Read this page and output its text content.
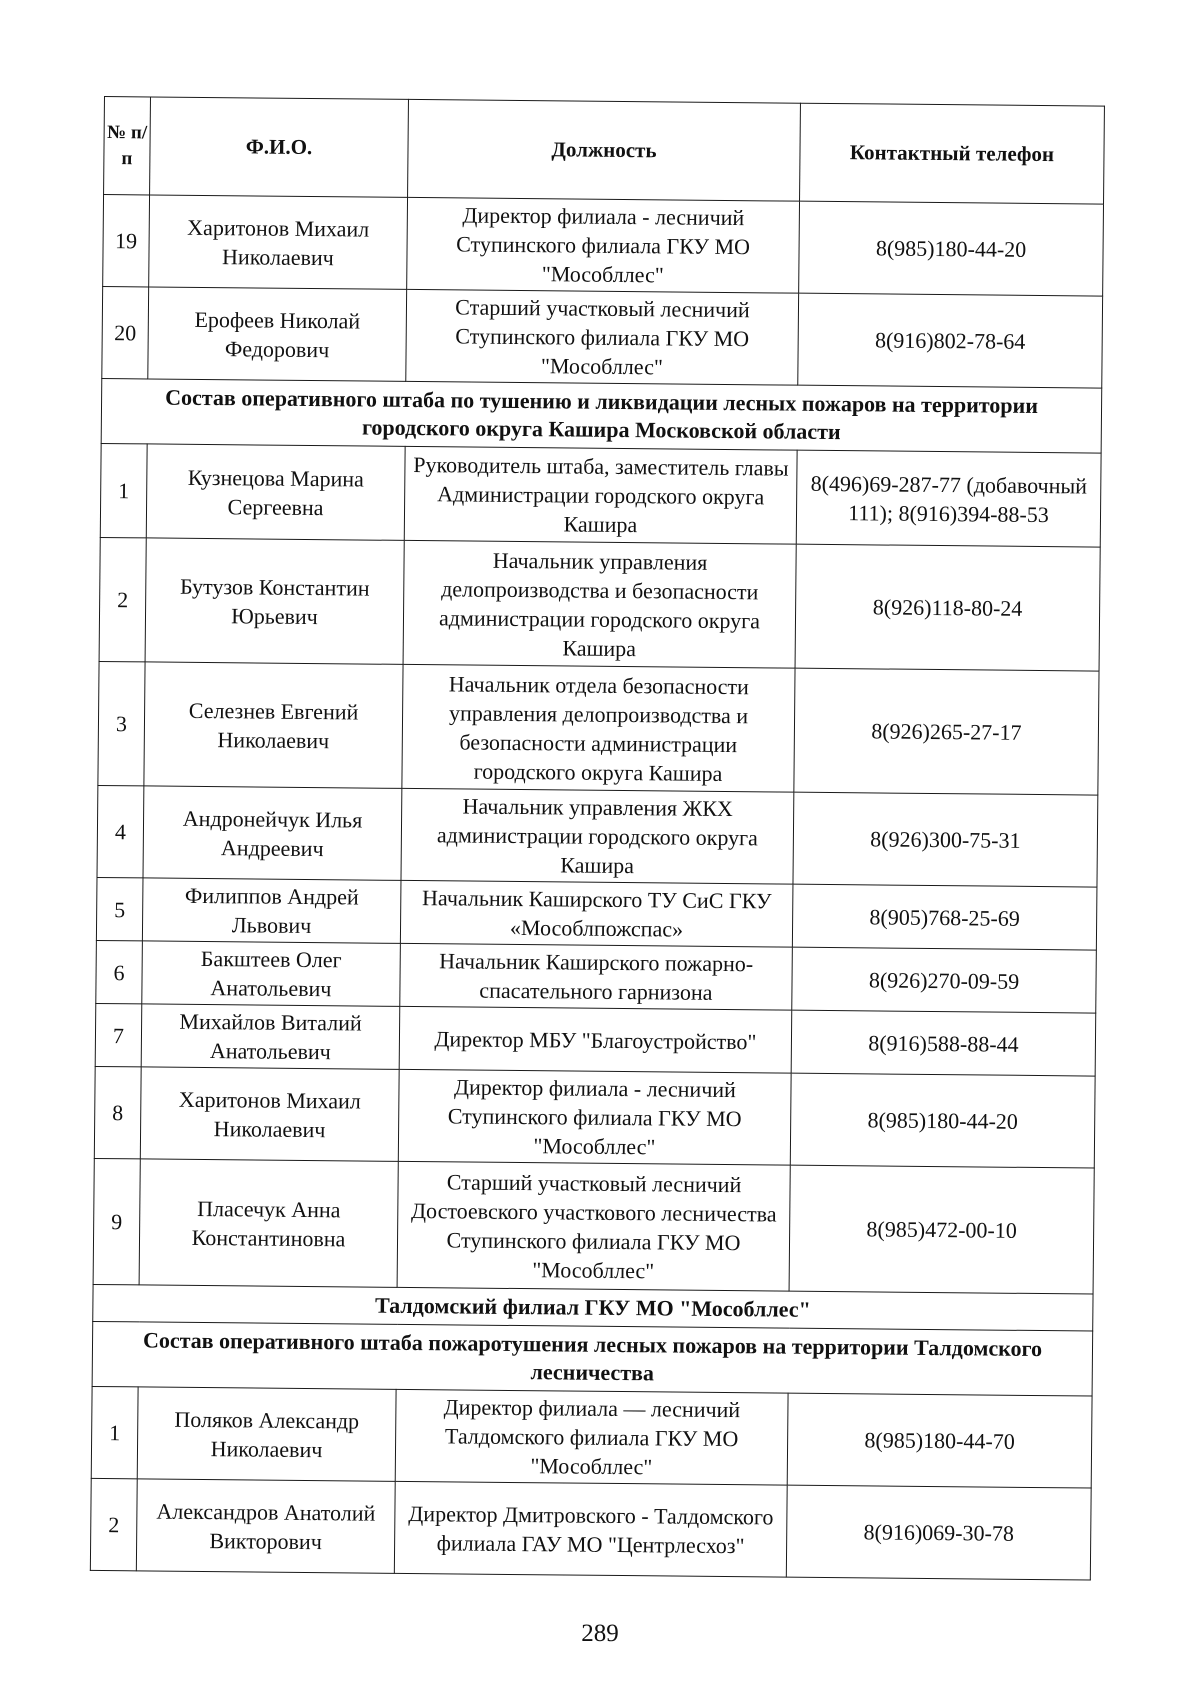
№ п/ п	Ф.И.О.	Должность	Контактный телефон
19	Харитонов Михаил Николаевич	Директор филиала - лесничий Ступинского филиала ГКУ МО "Мособллес"	8(985)180-44-20
20	Ерофеев Николай Федорович	Старший участковый лесничий Ступинского филиала ГКУ МО "Мособллес"	8(916)802-78-64
Состав оперативного штаба по тушению и ликвидации лесных пожаров на территории городского округа Кашира Московской области			
1	Кузнецова Марина Сергеевна	Руководитель штаба, заместитель главы Администрации городского округа Кашира	8(496)69-287-77 (добавочный 111); 8(916)394-88-53
2	Бутузов Константин Юрьевич	Начальник управления делопроизводства и безопасности администрации городского округа Кашира	8(926)118-80-24
3	Селезнев Евгений Николаевич	Начальник отдела безопасности управления делопроизводства и безопасности администрации городского округа Кашира	8(926)265-27-17
4	Андронейчук Илья Андреевич	Начальник управления ЖКХ администрации городского округа Кашира	8(926)300-75-31
5	Филиппов Андрей Львович	Начальник Каширского ТУ СиС ГКУ «Мособлпожспас»	8(905)768-25-69
6	Бакштеев Олег Анатольевич	Начальник Каширского пожарно-спасательного гарнизона	8(926)270-09-59
7	Михайлов Виталий Анатольевич	Директор МБУ "Благоустройство"	8(916)588-88-44
8	Харитонов Михаил Николаевич	Директор филиала - лесничий Ступинского филиала ГКУ МО "Мособллес"	8(985)180-44-20
9	Пласечук Анна Константиновна	Старший участковый лесничий Достоевского участкового лесничества Ступинского филиала ГКУ МО "Мособллес"	8(985)472-00-10
Талдомский филиал ГКУ МО "Мособллес"			
Состав оперативного штаба пожаротушения лесных пожаров на территории Талдомского лесничества			
1	Поляков Александр Николаевич	Директор филиала — лесничий Талдомского филиала ГКУ МО "Мособллес"	8(985)180-44-70
2	Александров Анатолий Викторович	Директор Дмитровского - Талдомского филиала ГАУ МО "Центрлесхоз"	8(916)069-30-78
289
